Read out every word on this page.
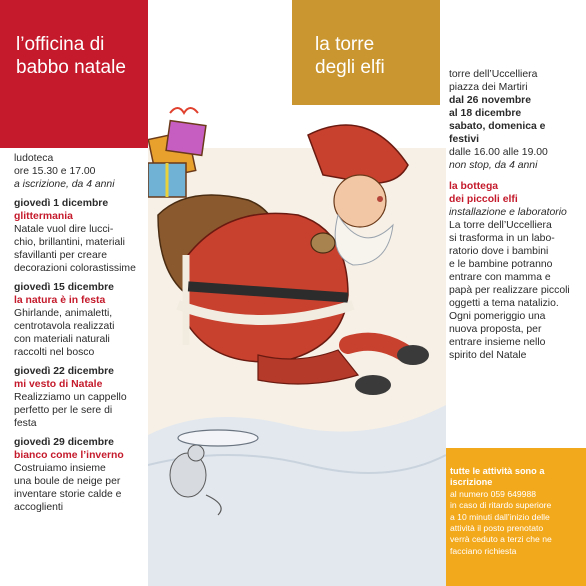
l’officina di
babbo natale
la torre
degli elfi
ludoteca
ore 15.30 e 17.00
a iscrizione, da 4 anni
giovedì 1 dicembre
glittermania
Natale vuol dire lucci-
chio, brillantini, materiali
sfavillanti per creare
decorazioni colorastissime
giovedì 15 dicembre
la natura è in festa
Ghirlande, animaletti,
centrotavola realizzati
con materiali naturali
raccolti nel bosco
giovedì 22 dicembre
mi vesto di Natale
Realizziamo un cappello
perfetto per le sere di
festa
giovedì 29 dicembre
bianco come l’inverno
Costruiamo insieme
una boule de neige per
inventare storie calde e
accoglienti
torre dell’Uccelliera
piazza dei Martiri
dal 26 novembre
al 18 dicembre
sabato, domenica e
festivi
dalle 16.00 alle 19.00
non stop, da 4 anni
la bottega
dei piccoli elfi
installazione e laboratorio
La torre dell’Uccelliera
si trasforma in un labo-
ratorio dove i bambini
e le bambine potranno
entrare con mamma e
papà per realizzare piccoli
oggetti a tema natalizio.
Ogni pomeriggio una
nuova proposta, per
entrare insieme nello
spirito del Natale
tutte le attività sono a
iscrizione
al numero 059 649988
in caso di ritardo superiore
a 10 minuti dall’inizio delle
attività il posto prenotato
verrà ceduto a terzi che ne
facciano richiesta
